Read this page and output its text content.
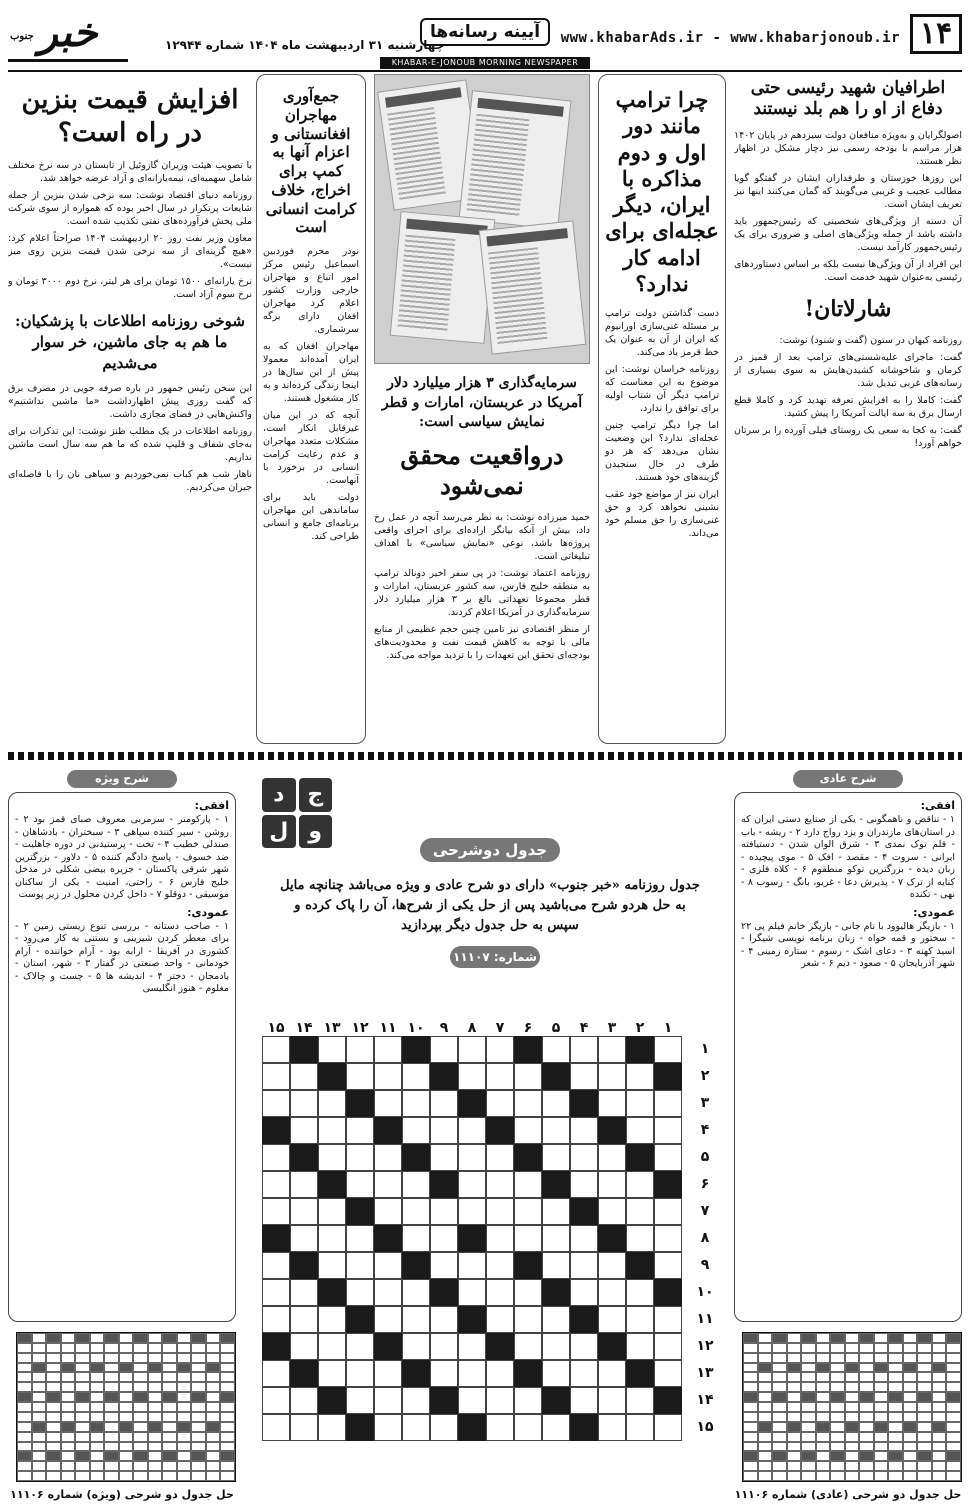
۱۴
www.khabarAds.ir - www.khabarjonoub.ir
آیینه رسانه‌ها
چهارشنبه ۳۱ اردیبهشت ماه ۱۴۰۴ شماره ۱۲۹۴۴
جنوب خبر
KHABAR-E-JONOUB MORNING NEWSPAPER
اطرافیان شهید رئیسی حتی دفاع از او را هم بلد نیستند

اصولگرایان و به‌ویژه منافعان دولت سیزدهم در پایان ۱۴۰۲ هزار مراسم با بودجه رسمی نیز دچار مشکل در اظهار نظر هستند.

این روزها خوزستان و طرفداران ایشان در گفتگو گویا مطالب عجیب و غریبی می‌گویند که گمان می‌کنند اینها نیز تعریف ایشان است.

آن دسته از ویژگی‌های شخصیتی که رئیس‌جمهور باید داشته باشد از جمله ویژگی‌های اصلی و ضروری برای یک رئیس‌جمهور کارآمد نیست.

این افراد از آن ویژگی‌ها نیست بلکه بر اساس دستاوردهای رئیسی به‌عنوان شهید خدمت است.

شارلاتان!

روزنامه کیهان در ستون (گفت و شنود) نوشت:

گفت: ماجرای علیه‌شستی‌های ترامپ بعد از قمیز در کرمان و شاخوشانه کشیدن‌هایش به سوی بسیاری از رسانه‌های غربی تبدیل شد.

گفت: کاملا را به افزایش تعرفه تهدید کرد و کاملا قطع ارسال برق به سه ایالت آمریکا را پیش کشید.

گفت: به کجا به سعی یک روستای فیلی آورده را بر سرتان خواهم آورد!

چرا ترامپ مانند دور اول و دوم مذاکره با ایران، دیگر عجله‌ای برای ادامه کار ندارد؟

دست گذاشتن دولت ترامپ بر مسئله غنی‌سازی اورانیوم که ایران از آن به عنوان یک خط قرمز یاد می‌کند.

روزنامه خراسان نوشت: این موضوع به این معناست که ترامپ دیگر آن شتاب اولیه برای توافق را ندارد.

اما چرا دیگر ترامپ چنین عجله‌ای ندارد؟ این وضعیت نشان می‌دهد که هر دو طرف در حال سنجیدن گزینه‌های خود هستند.

ایران نیز از مواضع خود عقب نشینی نخواهد کرد و حق غنی‌سازی را حق مسلم خود می‌داند.

سرمایه‌گذاری ۳ هزار میلیارد دلار آمریکا در عربستان، امارات و قطر نمایش سیاسی است:
درواقعیت محقق نمی‌شود

حمید میرزاده نوشت: به نظر می‌رسد آنچه در عمل رخ داد، بیش از آنکه بیانگر اراده‌ای برای اجرای واقعی پروژه‌ها باشد، نوعی «نمایش سیاسی» با اهداف تبلیغاتی است.

روزنامه اعتماد نوشت: در پی سفر اخیر دونالد ترامپ به منطقه خلیج فارس، سه کشور عربستان، امارات و قطر مجموعا تعهداتی بالغ بر ۳ هزار میلیارد دلار سرمایه‌گذاری در آمریکا اعلام کردند.

از منظر اقتصادی نیز تامین چنین حجم عظیمی از منابع مالی با توجه به کاهش قیمت نفت و محدودیت‌های بودجه‌ای تحقق این تعهدات را با تردید مواجه می‌کند.

جمع‌آوری مهاجران افغانستانی و اعزام آنها به کمپ برای اخراج، خلاف کرامت انسانی است

نوذر محرم فوردبین اسماعیل رئیس مرکز امور اتباع و مهاجران خارجی وزارت کشور اعلام کرد مهاجران افغان دارای برگه سرشماری.

مهاجران افغان که به ایران آمده‌اند معمولا پیش از این سال‌ها در اینجا زندگی کرده‌اند و به کار مشغول هستند.

آنچه که در این میان غیرقابل انکار است، مشکلات متعدد مهاجران و عدم رعایت کرامت انسانی در برخورد با آنهاست.

دولت باید برای ساماندهی این مهاجران برنامه‌ای جامع و انسانی طراحی کند.

افزایش قیمت بنزین در راه است؟

با تصویب هیئت وزیران گازوئیل از تابستان در سه نرخ مختلف شامل سهمیه‌ای، نیمه‌یارانه‌ای و آزاد عرضه خواهد شد.

روزنامه دنیای اقتصاد نوشت: سه نرخی شدن بنزین از جمله شایعات پرتکرار در سال اخیر بوده که همواره از سوی شرکت ملی پخش فرآورده‌های نفتی تکذیب شده است.

معاون وزیر نفت روز ۲۰ اردیبهشت ۱۴۰۴ صراحتاً اعلام کرد: «هیچ گزینه‌ای از سه نرخی شدن قیمت بنزین روی میز نیست».

نرخ یارانه‌ای ۱۵۰۰ تومان برای هر لیتر، نرخ دوم ۳۰۰۰ تومان و نرخ سوم آزاد است.

شوخی روزنامه اطلاعات با پزشکیان: ما هم به جای ماشین، خر سوار می‌شدیم

این سخن رئیس جمهور در باره صرفه جویی در مصرف برق که گفت روزی پیش اظهارداشت «ما ماشین نداشتیم» واکنش‌هایی در فضای مجازی داشت.

روزنامه اطلاعات در یک مطلب طنز نوشت: این تذکرات برای به‌جای شفاف و قلیپ شده که ما هم سه سال است ماشین نداریم.

ناهار شب هم کباب نمی‌خوردیم و سیاهی نان را با فاصله‌ای جبران می‌کردیم.

شرح عادی
افقی:

۱ - تناقض و ناهمگونی - یکی از صنایع دستی ایران که در استان‌های مازندران و یزد رواج دارد ۲ - ریشه - باب - قلم توک نمدی ۳ - شرق الوان شدن - دستیافته ایرانی - سروت ۴ - مقصد - افک ۵ - موی پیچیده - زبان دیده - بزرگترین توکو منطقوم ۶ - کلاه فلزی - کنایه از ترک ۷ - پذیرش دعا - غریو، بانگ - رسوب ۸ - نهی - تکنده

عمودی:

۱ - بازیگر هالیوود با نام جانی - بازیگر خانم فیلم پی ۲۲ - سختور و قمه خواه - زبان برنامه نویسی شیگرا - اسید کهنه ۳ - دعای اشک - رسوم - ستاره زمینی ۴ - شهر آذربایجان ۵ - صعود - دیم ۶ - شعر

حل جدول دو شرحی (عادی) شماره ۱۱۱۰۶
شرح ویژه
افقی:

۱ - پارکومتر - سرمربی معروف صبای قمز بود ۲ - روشن - سپر کننده سپاهی ۳ - سبختران - بادشاهان - صندلی خطیب ۴ - تخت - پرستیدنی در دوره جاهلیت - ضد خسوف - پاسخ دادگم کننده ۵ - دلاور - بزرگترین شهر شرقی پاکستان - جزیره بیضی شکلی در مدخل خلیج فارس ۶ - راحتی، امنیت - یکی از ساکنان موسیقی - دوقلو ۷ - داخل کردن محلول در زیر پوست

عمودی:

۱ - صاحب دستانه - بررسی تنوع زیستی زمین ۲ - برای معطر کردن شیرینی و بستنی به کار می‌رود - کشوری در آفریقا - ارابه بود - آرام خواننده - آرام خودمانی - واحد صنعتی در گفتار ۳ - شهر، استان - بادمجان - دختر ۴ - اندیشه ها ۵ - چست و چالاک - مغلوم - هنوز انگلیسی

حل جدول دو شرحی (ویژه) شماره ۱۱۱۰۶
ج
د
و
ل
جدول دوشرحی
جدول روزنامه «خبر جنوب» دارای دو شرح عادی و ویژه می‌باشد چنانچه مایل به حل هردو شرح می‌باشید پس از حل یکی از شرح‌ها، آن را پاک کرده و سپس به حل جدول دیگر بپردازید
شماره: ۱۱۱۰۷
۱
۲
۳
۴
۵
۶
۷
۸
۹
۱۰
۱۱
۱۲
۱۳
۱۴
۱۵
۱
۲
۳
۴
۵
۶
۷
۸
۹
۱۰
۱۱
۱۲
۱۳
۱۴
۱۵
